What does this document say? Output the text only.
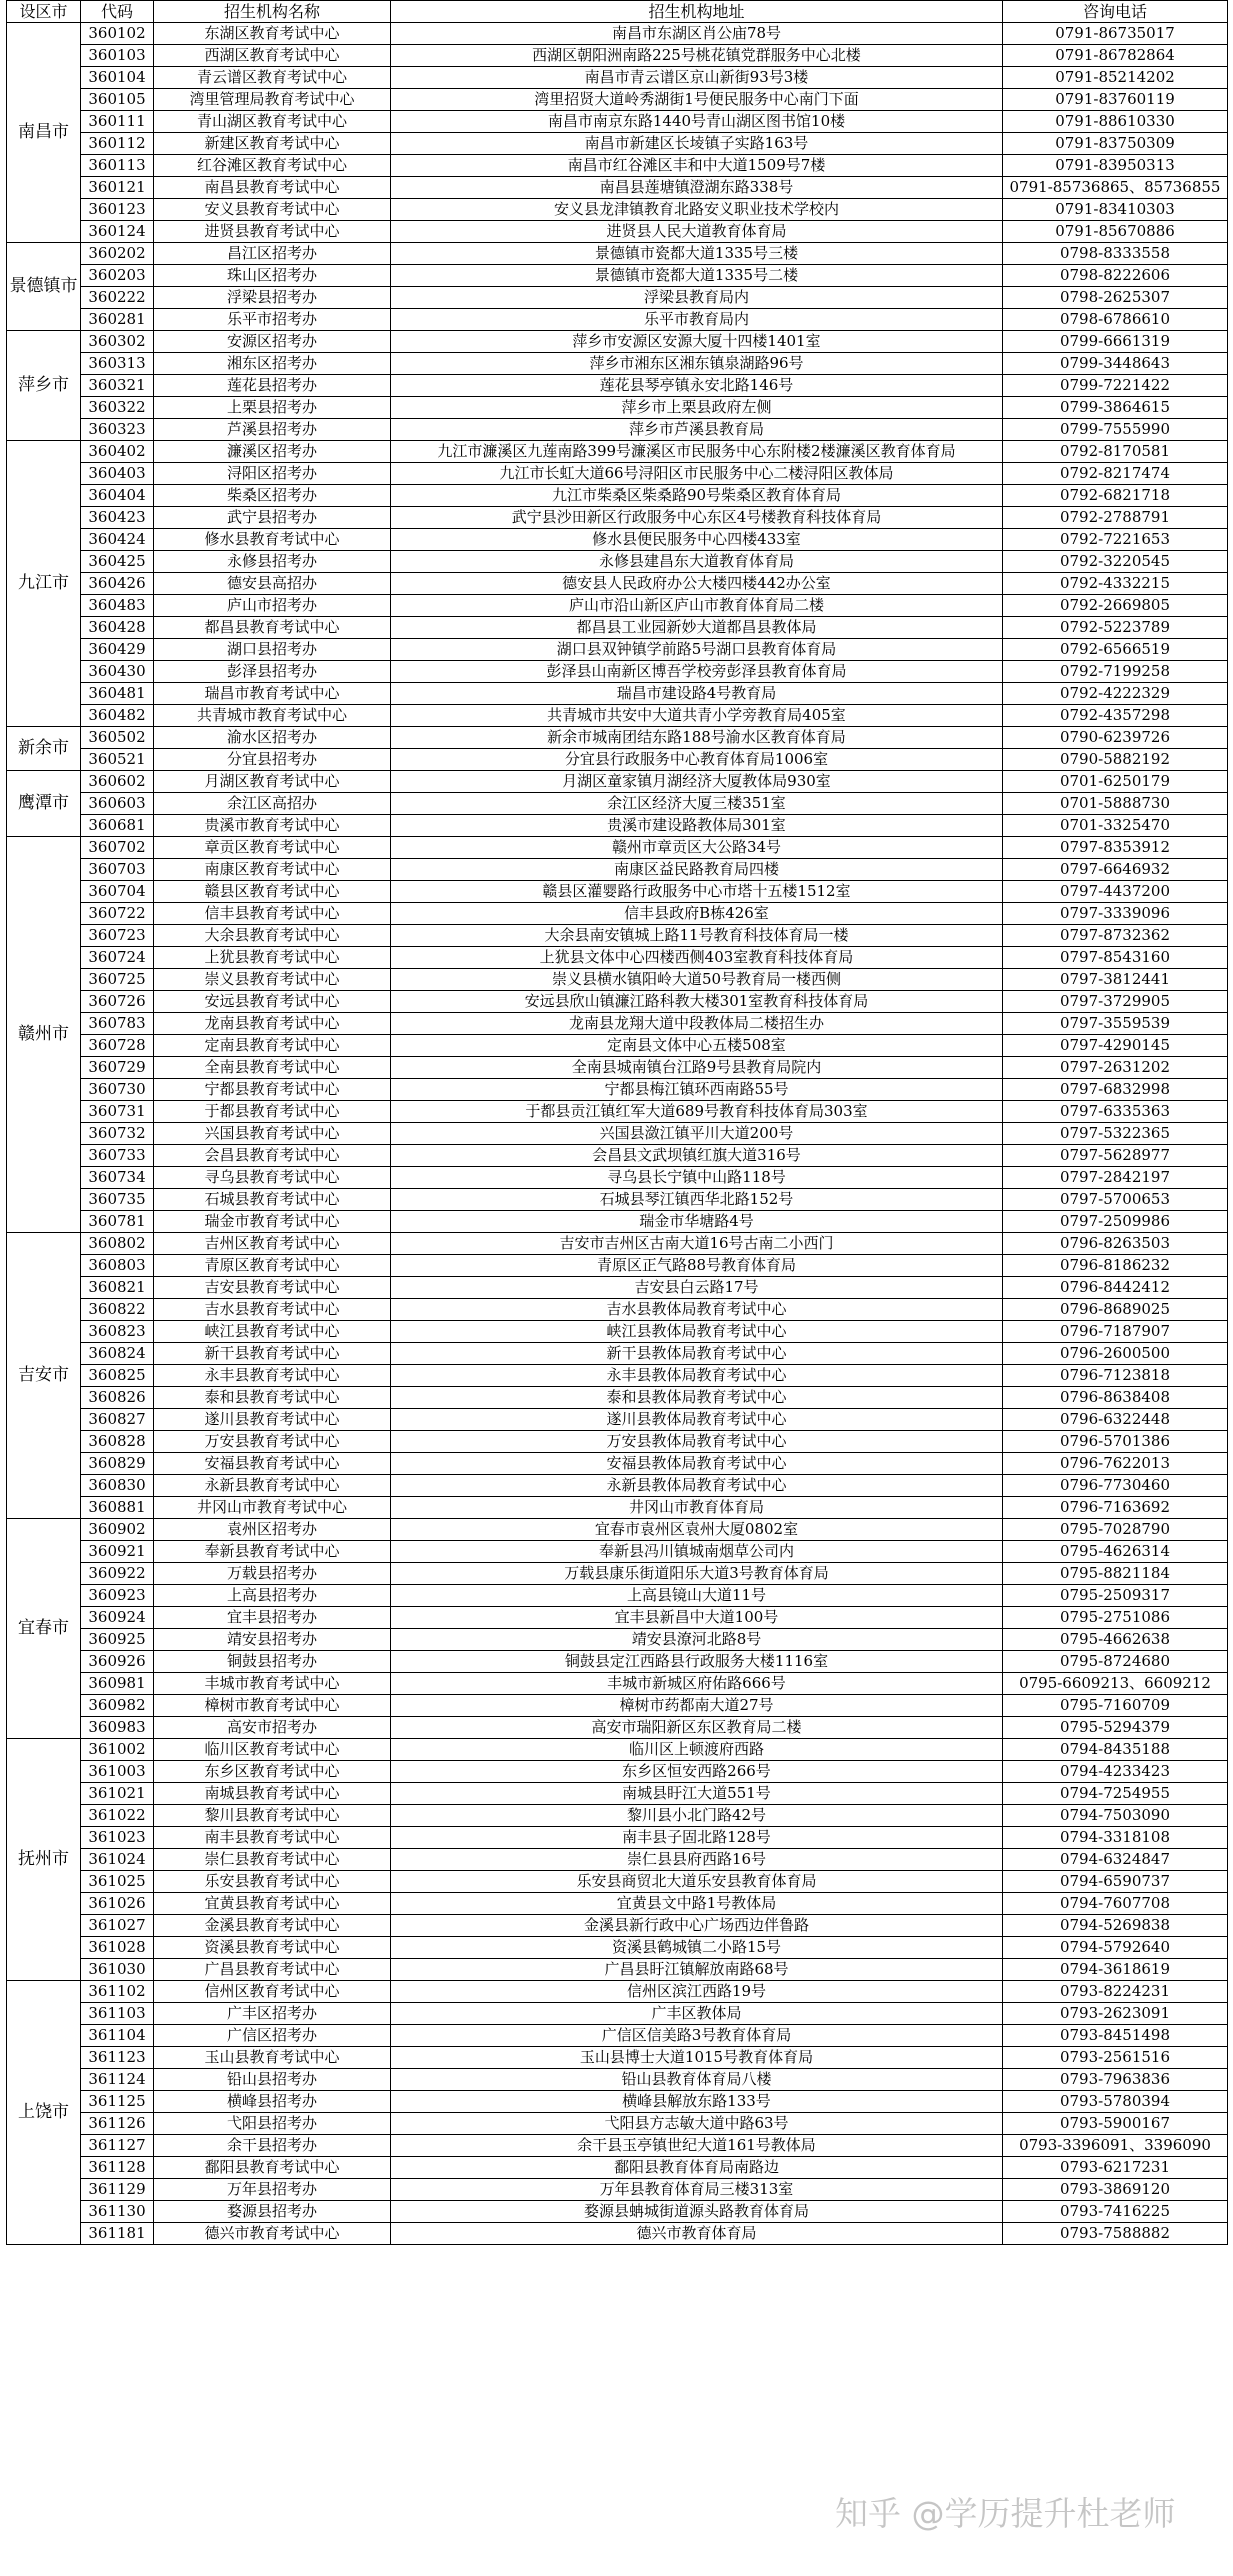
设区市	代码	招生机构名称	招生机构地址	咨询电话
南昌市	360102	东湖区教育考试中心	南昌市东湖区肖公庙78号	0791-86735017
	360103	西湖区教育考试中心	西湖区朝阳洲南路225号桃花镇党群服务中心北楼	0791-86782864
	360104	青云谱区教育考试中心	南昌市青云谱区京山新街93号3楼	0791-85214202
	360105	湾里管理局教育考试中心	湾里招贤大道岭秀湖街1号便民服务中心南门下面	0791-83760119
	360111	青山湖区教育考试中心	南昌市南京东路1440号青山湖区图书馆10楼	0791-88610330
	360112	新建区教育考试中心	南昌市新建区长堎镇子实路163号	0791-83750309
	360113	红谷滩区教育考试中心	南昌市红谷滩区丰和中大道1509号7楼	0791-83950313
	360121	南昌县教育考试中心	南昌县莲塘镇澄湖东路338号	0791-85736865、85736855
	360123	安义县教育考试中心	安义县龙津镇教育北路安义职业技术学校内	0791-83410303
	360124	进贤县教育考试中心	进贤县人民大道教育体育局	0791-85670886
景德镇市	360202	昌江区招考办	景德镇市瓷都大道1335号三楼	0798-8333558
	360203	珠山区招考办	景德镇市瓷都大道1335号二楼	0798-8222606
	360222	浮梁县招考办	浮梁县教育局内	0798-2625307
	360281	乐平市招考办	乐平市教育局内	0798-6786610
萍乡市	360302	安源区招考办	萍乡市安源区安源大厦十四楼1401室	0799-6661319
	360313	湘东区招考办	萍乡市湘东区湘东镇泉湖路96号	0799-3448643
	360321	莲花县招考办	莲花县琴亭镇永安北路146号	0799-7221422
	360322	上栗县招考办	萍乡市上栗县政府左侧	0799-3864615
	360323	芦溪县招考办	萍乡市芦溪县教育局	0799-7555990
九江市	360402	濂溪区招考办	九江市濂溪区九莲南路399号濂溪区市民服务中心东附楼2楼濂溪区教育体育局	0792-8170581
	360403	浔阳区招考办	九江市长虹大道66号浔阳区市民服务中心二楼浔阳区教体局	0792-8217474
	360404	柴桑区招考办	九江市柴桑区柴桑路90号柴桑区教育体育局	0792-6821718
	360423	武宁县招考办	武宁县沙田新区行政服务中心东区4号楼教育科技体育局	0792-2788791
	360424	修水县教育考试中心	修水县便民服务中心四楼433室	0792-7221653
	360425	永修县招考办	永修县建昌东大道教育体育局	0792-3220545
	360426	德安县高招办	德安县人民政府办公大楼四楼442办公室	0792-4332215
	360483	庐山市招考办	庐山市沿山新区庐山市教育体育局二楼	0792-2669805
	360428	都昌县教育考试中心	都昌县工业园新妙大道都昌县教体局	0792-5223789
	360429	湖口县招考办	湖口县双钟镇学前路5号湖口县教育体育局	0792-6566519
	360430	彭泽县招考办	彭泽县山南新区博吾学校旁彭泽县教育体育局	0792-7199258
	360481	瑞昌市教育考试中心	瑞昌市建设路4号教育局	0792-4222329
	360482	共青城市教育考试中心	共青城市共安中大道共青小学旁教育局405室	0792-4357298
新余市	360502	渝水区招考办	新余市城南团结东路188号渝水区教育体育局	0790-6239726
	360521	分宜县招考办	分宜县行政服务中心教育体育局1006室	0790-5882192
鹰潭市	360602	月湖区教育考试中心	月湖区童家镇月湖经济大厦教体局930室	0701-6250179
	360603	余江区高招办	余江区经济大厦三楼351室	0701-5888730
	360681	贵溪市教育考试中心	贵溪市建设路教体局301室	0701-3325470
赣州市	360702	章贡区教育考试中心	赣州市章贡区大公路34号	0797-8353912
	360703	南康区教育考试中心	南康区益民路教育局四楼	0797-6646932
	360704	赣县区教育考试中心	赣县区灌婴路行政服务中心市塔十五楼1512室	0797-4437200
	360722	信丰县教育考试中心	信丰县政府B栋426室	0797-3339096
	360723	大余县教育考试中心	大余县南安镇城上路11号教育科技体育局一楼	0797-8732362
	360724	上犹县教育考试中心	上犹县文体中心四楼西侧403室教育科技体育局	0797-8543160
	360725	崇义县教育考试中心	崇义县横水镇阳岭大道50号教育局一楼西侧	0797-3812441
	360726	安远县教育考试中心	安远县欣山镇濂江路科教大楼301室教育科技体育局	0797-3729905
	360783	龙南县教育考试中心	龙南县龙翔大道中段教体局二楼招生办	0797-3559539
	360728	定南县教育考试中心	定南县文体中心五楼508室	0797-4290145
	360729	全南县教育考试中心	全南县城南镇台江路9号县教育局院内	0797-2631202
	360730	宁都县教育考试中心	宁都县梅江镇环西南路55号	0797-6832998
	360731	于都县教育考试中心	于都县贡江镇红军大道689号教育科技体育局303室	0797-6335363
	360732	兴国县教育考试中心	兴国县潋江镇平川大道200号	0797-5322365
	360733	会昌县教育考试中心	会昌县文武坝镇红旗大道316号	0797-5628977
	360734	寻乌县教育考试中心	寻乌县长宁镇中山路118号	0797-2842197
	360735	石城县教育考试中心	石城县琴江镇西华北路152号	0797-5700653
	360781	瑞金市教育考试中心	瑞金市华塘路4号	0797-2509986
吉安市	360802	吉州区教育考试中心	吉安市吉州区古南大道16号古南二小西门	0796-8263503
	360803	青原区教育考试中心	青原区正气路88号教育体育局	0796-8186232
	360821	吉安县教育考试中心	吉安县白云路17号	0796-8442412
	360822	吉水县教育考试中心	吉水县教体局教育考试中心	0796-8689025
	360823	峡江县教育考试中心	峡江县教体局教育考试中心	0796-7187907
	360824	新干县教育考试中心	新干县教体局教育考试中心	0796-2600500
	360825	永丰县教育考试中心	永丰县教体局教育考试中心	0796-7123818
	360826	泰和县教育考试中心	泰和县教体局教育考试中心	0796-8638408
	360827	遂川县教育考试中心	遂川县教体局教育考试中心	0796-6322448
	360828	万安县教育考试中心	万安县教体局教育考试中心	0796-5701386
	360829	安福县教育考试中心	安福县教体局教育考试中心	0796-7622013
	360830	永新县教育考试中心	永新县教体局教育考试中心	0796-7730460
	360881	井冈山市教育考试中心	井冈山市教育体育局	0796-7163692
宜春市	360902	袁州区招考办	宜春市袁州区袁州大厦0802室	0795-7028790
	360921	奉新县教育考试中心	奉新县冯川镇城南烟草公司内	0795-4626314
	360922	万载县招考办	万载县康乐街道阳乐大道3号教育体育局	0795-8821184
	360923	上高县招考办	上高县镜山大道11号	0795-2509317
	360924	宜丰县招考办	宜丰县新昌中大道100号	0795-2751086
	360925	靖安县招考办	靖安县潦河北路8号	0795-4662638
	360926	铜鼓县招考办	铜鼓县定江西路县行政服务大楼1116室	0795-8724680
	360981	丰城市教育考试中心	丰城市新城区府佑路666号	0795-6609213、6609212
	360982	樟树市教育考试中心	樟树市药都南大道27号	0795-7160709
	360983	高安市招考办	高安市瑞阳新区东区教育局二楼	0795-5294379
抚州市	361002	临川区教育考试中心	临川区上顿渡府西路	0794-8435188
	361003	东乡区教育考试中心	东乡区恒安西路266号	0794-4233423
	361021	南城县教育考试中心	南城县盱江大道551号	0794-7254955
	361022	黎川县教育考试中心	黎川县小北门路42号	0794-7503090
	361023	南丰县教育考试中心	南丰县子固北路128号	0794-3318108
	361024	崇仁县教育考试中心	崇仁县县府西路16号	0794-6324847
	361025	乐安县教育考试中心	乐安县商贸北大道乐安县教育体育局	0794-6590737
	361026	宜黄县教育考试中心	宜黄县文中路1号教体局	0794-7607708
	361027	金溪县教育考试中心	金溪县新行政中心广场西边伴鲁路	0794-5269838
	361028	资溪县教育考试中心	资溪县鹤城镇二小路15号	0794-5792640
	361030	广昌县教育考试中心	广昌县盱江镇解放南路68号	0794-3618619
上饶市	361102	信州区教育考试中心	信州区滨江西路19号	0793-8224231
	361103	广丰区招考办	广丰区教体局	0793-2623091
	361104	广信区招考办	广信区信美路3号教育体育局	0793-8451498
	361123	玉山县教育考试中心	玉山县博士大道1015号教育体育局	0793-2561516
	361124	铅山县招考办	铅山县教育体育局八楼	0793-7963836
	361125	横峰县招考办	横峰县解放东路133号	0793-5780394
	361126	弋阳县招考办	弋阳县方志敏大道中路63号	0793-5900167
	361127	余干县招考办	余干县玉亭镇世纪大道161号教体局	0793-3396091、3396090
	361128	鄱阳县教育考试中心	鄱阳县教育体育局南路边	0793-6217231
	361129	万年县招考办	万年县教育体育局三楼313室	0793-3869120
	361130	婺源县招考办	婺源县蚺城街道源头路教育体育局	0793-7416225
	361181	德兴市教育考试中心	德兴市教育体育局	0793-7588882
知乎 @学历提升杜老师
